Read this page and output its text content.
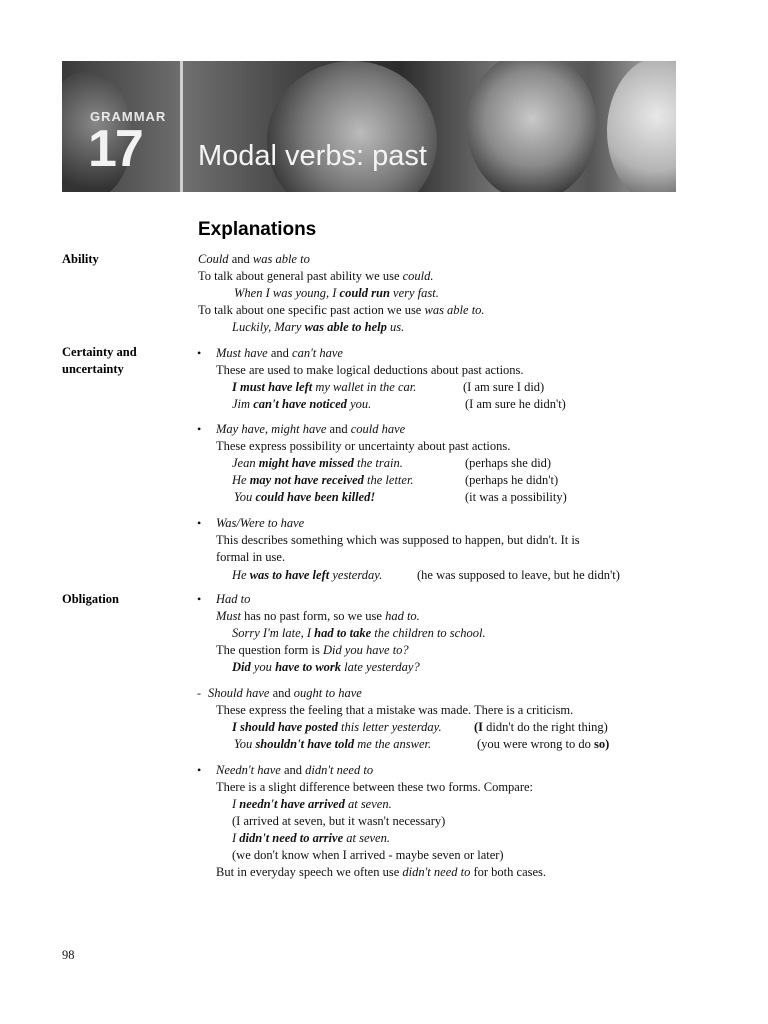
GRAMMAR
17 Modal verbs: past
Explanations
Ability	Could and was able to
To talk about general past ability we use could.
When I was young, I could run very fast.
To talk about one specific past action we use was able to.
Luckily, Mary was able to help us.
Certainty and
uncertainty
• Must have and can't have
These are used to make logical deductions about past actions.
I must have left my wallet in the car.	(I am sure I did)
Jim can't have noticed you.	(I am sure he didn't)
• May have, might have and could have
These express possibility or uncertainty about past actions.
Jean might have missed the train.	(perhaps she did)
He may not have received the letter.	(perhaps he didn't)
You could have been killed!	(it was a possibility)
• Was/Were to have
This describes something which was supposed to happen, but didn't. It is
formal in use.
He was to have left yesterday.	(he was supposed to leave, but he didn't)
Obligation	• Had to
Must has no past form, so we use had to.
Sorry I'm late, I had to take the children to school.
The question form is Did you have to?
Did you have to work late yesterday?
- Should have and ought to have
These express the feeling that a mistake was made. There is a criticism.
I should have posted this letter yesterday.	(I didn't do the right thing)
You shouldn't have told me the answer.	(you were wrong to do so)
• Needn't have and didn't need to
There is a slight difference between these two forms. Compare:
I needn't have arrived at seven.
(I arrived at seven, but it wasn't necessary)
I didn't need to arrive at seven.
(we don't know when I arrived - maybe seven or later)
But in everyday speech we often use didn't need to for both cases.
98
